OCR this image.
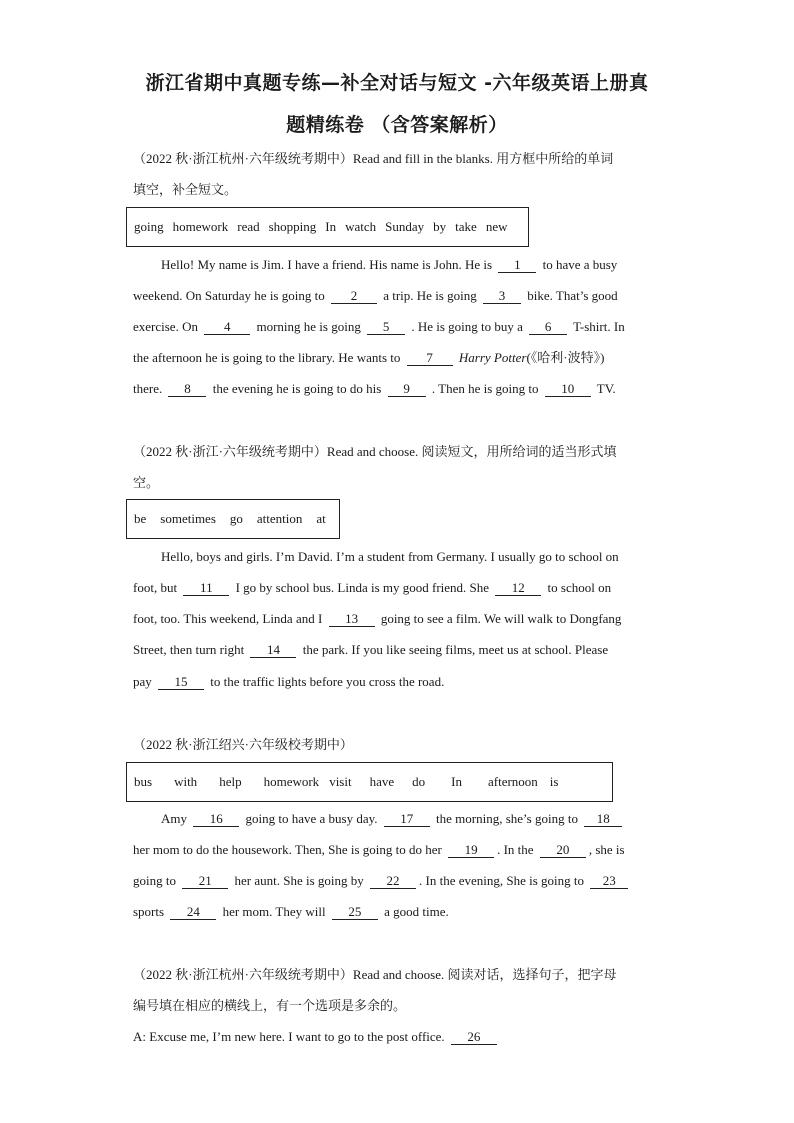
浙江省期中真题专练—补全对话与短文 -六年级英语上册真
题精练卷 （含答案解析）
（2022 秋·浙江杭州·六年级统考期中）Read and fill in the blanks. 用方框中所给的单词
填空，补全短文。
going homework read shopping In watch Sunday by take new
Hello! My name is Jim. I have a friend. His name is John. He is 1 to have a busy
weekend. On Saturday he is going to 2 a trip. He is going 3 bike. That’s good
exercise. On 4 morning he is going 5 . He is going to buy a 6 T-shirt. In
the afternoon he is going to the library. He wants to 7 Harry Potter(《哈利·波特》)
there. 8 the evening he is going to do his 9 . Then he is going to 10 TV.
（2022 秋·浙江·六年级统考期中）Read and choose. 阅读短文，用所给词的适当形式填
空。
be sometimes go attention at
Hello, boys and girls. I’m David. I’m a student from Germany. I usually go to school on
foot, but 11 I go by school bus. Linda is my good friend. She 12 to school on
foot, too. This weekend, Linda and I 13 going to see a film. We will walk to Dongfang
Street, then turn right 14 the park. If you like seeing films, meet us at school. Please
pay 15 to the traffic lights before you cross the road.
（2022 秋·浙江绍兴·六年级校考期中）
bus with help homework visit have do In afternoon is
Amy 16 going to have a busy day. 17 the morning, she’s going to 18
her mom to do the housework. Then, She is going to do her 19 . In the 20 , she is
going to 21 her aunt. She is going by 22 . In the evening, She is going to 23
sports 24 her mom. They will 25 a good time.
（2022 秋·浙江杭州·六年级统考期中）Read and choose. 阅读对话，选择句子，把字母
编号填在相应的横线上，有一个选项是多余的。
A: Excuse me, I’m new here. I want to go to the post office. 26
